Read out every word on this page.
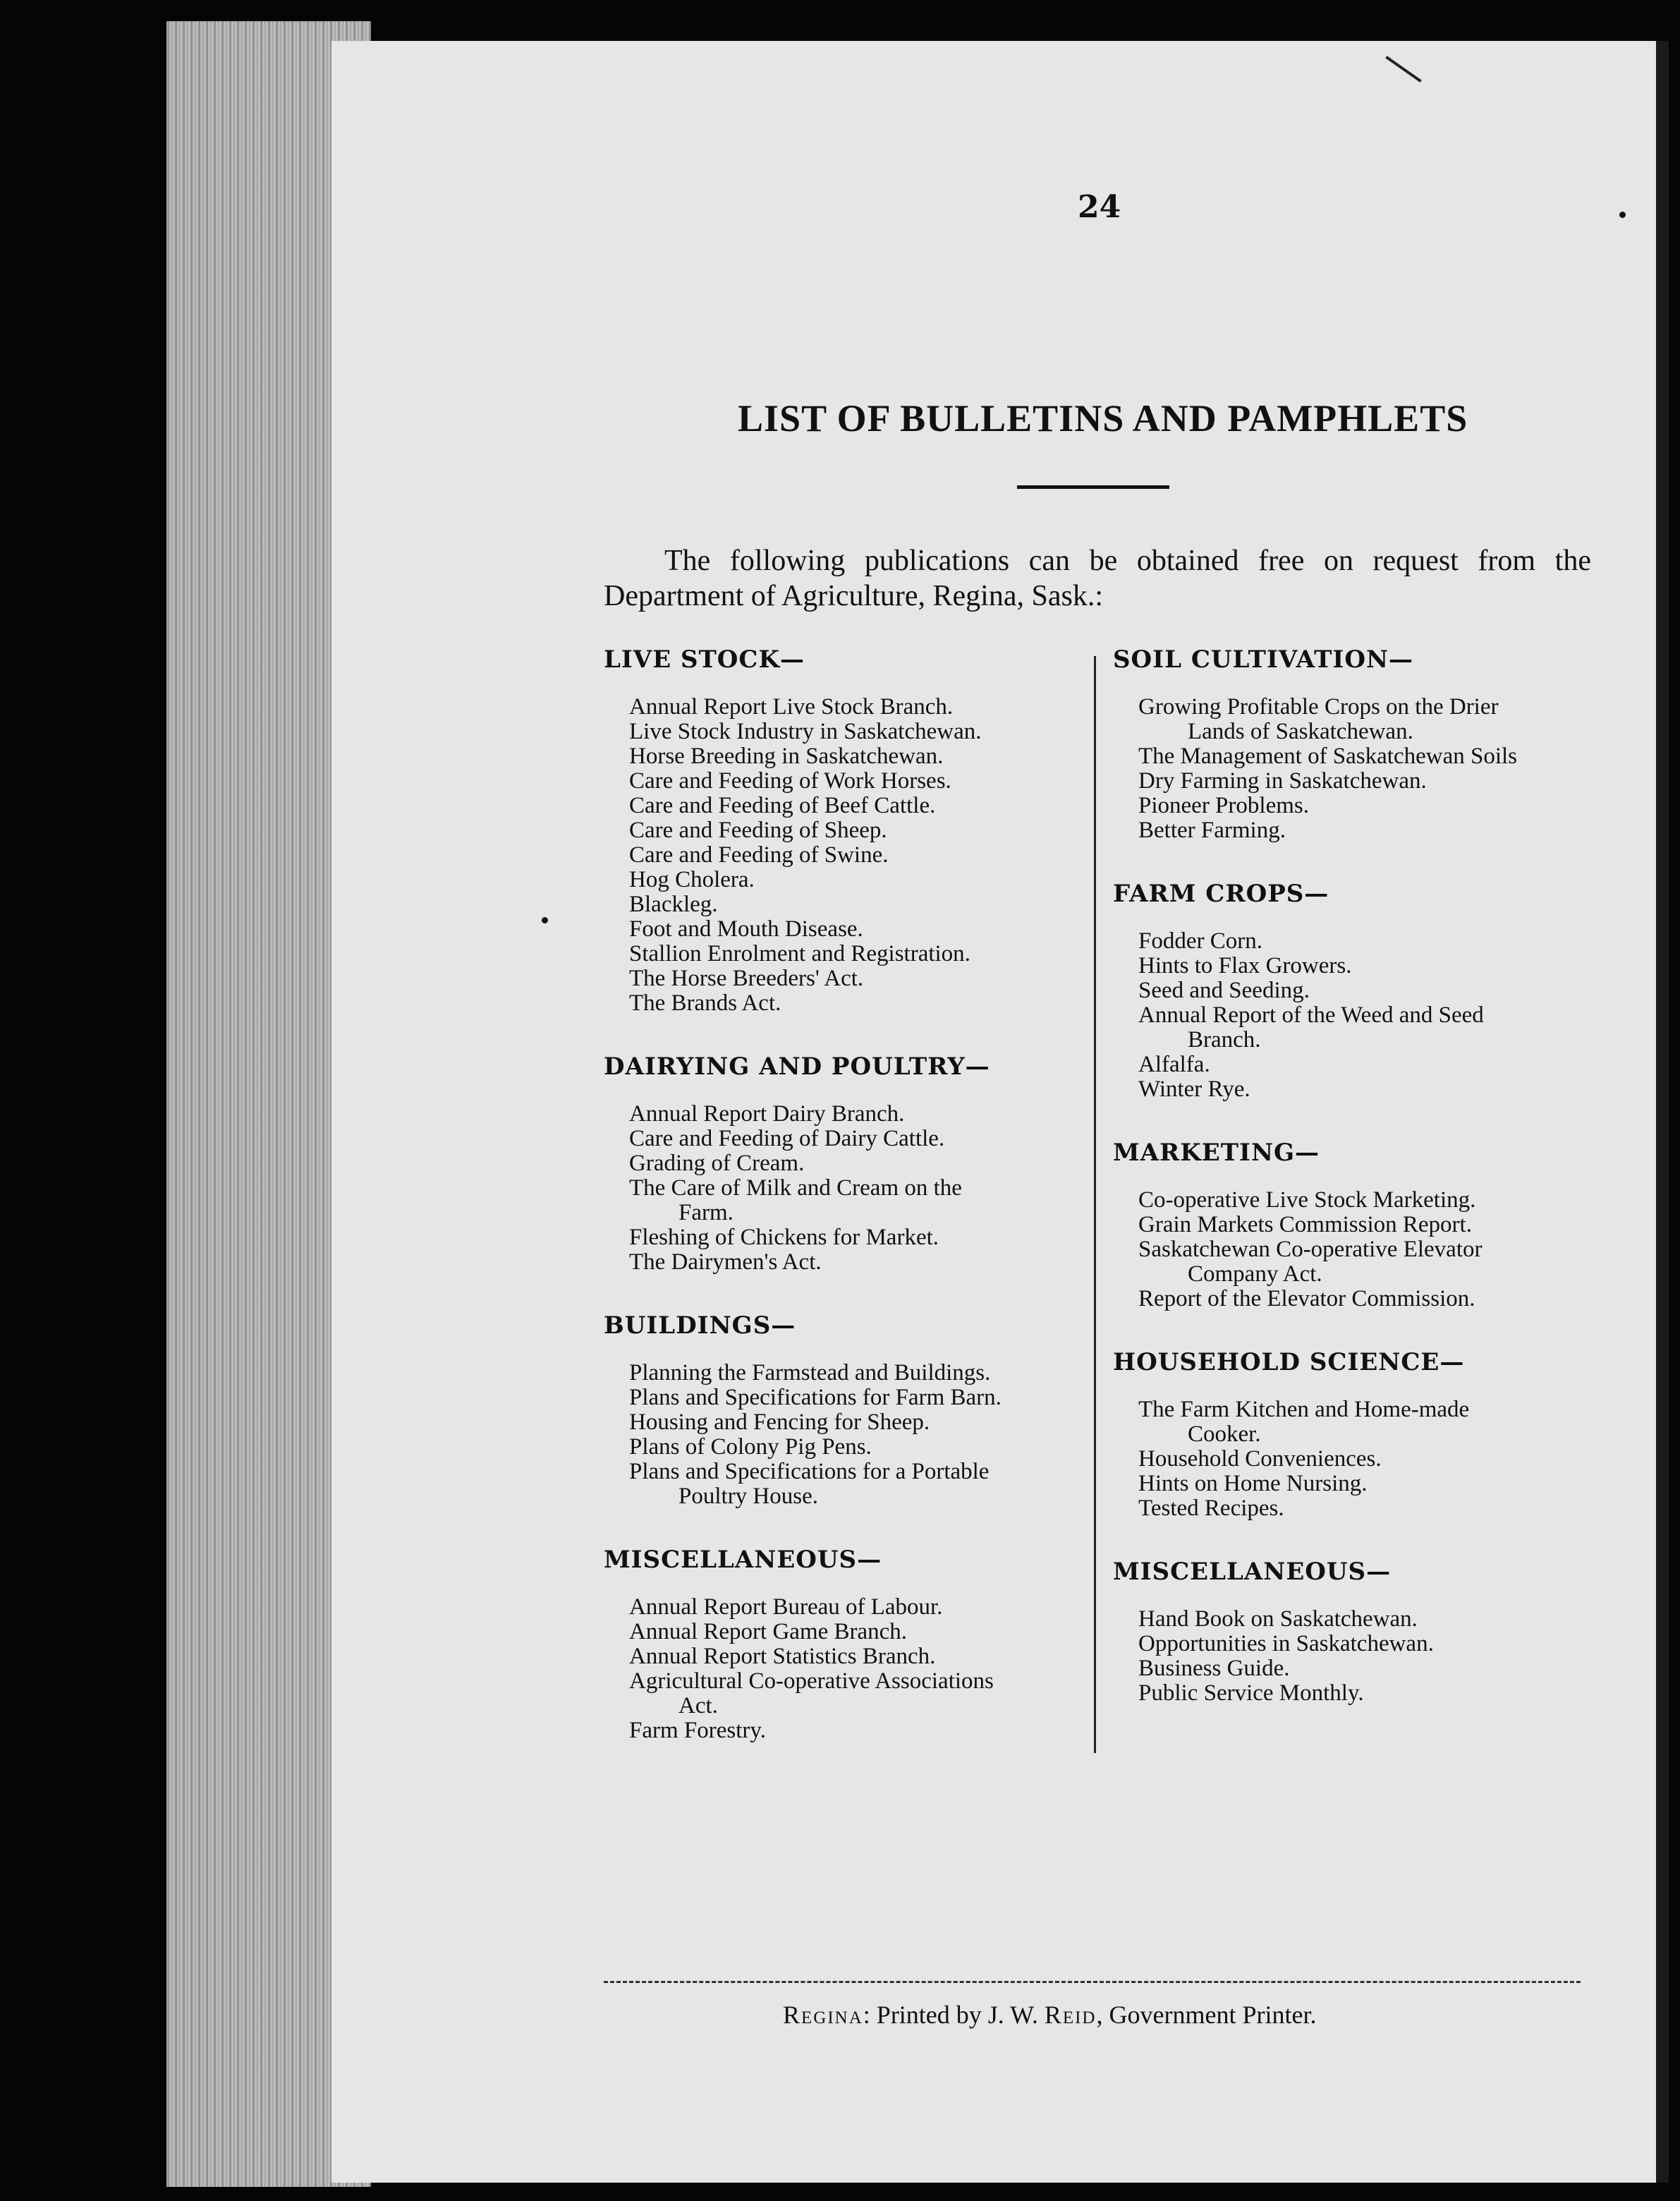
24
LIST OF BULLETINS AND PAMPHLETS
The following publications can be obtained free on request from the
Department of Agriculture, Regina, Sask.:
LIVE STOCK—
Annual Report Live Stock Branch.
Live Stock Industry in Saskatchewan.
Horse Breeding in Saskatchewan.
Care and Feeding of Work Horses.
Care and Feeding of Beef Cattle.
Care and Feeding of Sheep.
Care and Feeding of Swine.
Hog Cholera.
Blackleg.
Foot and Mouth Disease.
Stallion Enrolment and Registration.
The Horse Breeders' Act.
The Brands Act.
DAIRYING AND POULTRY—
Annual Report Dairy Branch.
Care and Feeding of Dairy Cattle.
Grading of Cream.
The Care of Milk and Cream on the
Farm.
Fleshing of Chickens for Market.
The Dairymen's Act.
BUILDINGS—
Planning the Farmstead and Buildings.
Plans and Specifications for Farm Barn.
Housing and Fencing for Sheep.
Plans of Colony Pig Pens.
Plans and Specifications for a Portable
Poultry House.
MISCELLANEOUS—
Annual Report Bureau of Labour.
Annual Report Game Branch.
Annual Report Statistics Branch.
Agricultural Co-operative Associations
Act.
Farm Forestry.
SOIL CULTIVATION—
Growing Profitable Crops on the Drier
Lands of Saskatchewan.
The Management of Saskatchewan Soils
Dry Farming in Saskatchewan.
Pioneer Problems.
Better Farming.
FARM CROPS—
Fodder Corn.
Hints to Flax Growers.
Seed and Seeding.
Annual Report of the Weed and Seed
Branch.
Alfalfa.
Winter Rye.
MARKETING—
Co-operative Live Stock Marketing.
Grain Markets Commission Report.
Saskatchewan Co-operative Elevator
Company Act.
Report of the Elevator Commission.
HOUSEHOLD SCIENCE—
The Farm Kitchen and Home-made
Cooker.
Household Conveniences.
Hints on Home Nursing.
Tested Recipes.
MISCELLANEOUS—
Hand Book on Saskatchewan.
Opportunities in Saskatchewan.
Business Guide.
Public Service Monthly.
Regina: Printed by J. W. Reid, Government Printer.
